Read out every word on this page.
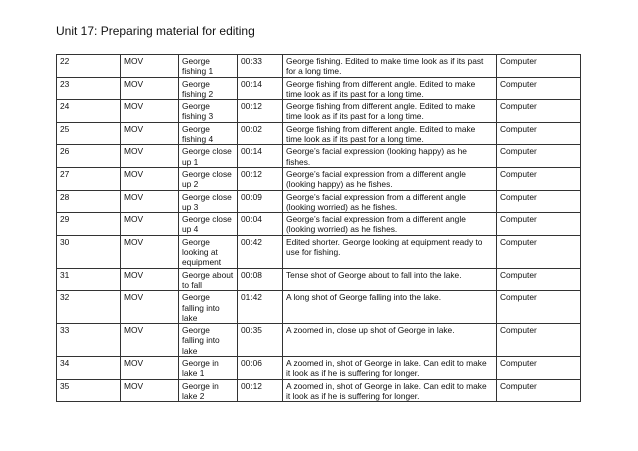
Unit 17: Preparing material for editing
22	MOV	George fishing 1	00:33	George fishing. Edited to make time look as if its past for a long time.	Computer
23	MOV	George fishing 2	00:14	George fishing from different angle. Edited to make time look as if its past for a long time.	Computer
24	MOV	George fishing 3	00:12	George fishing from different angle. Edited to make time look as if its past for a long time.	Computer
25	MOV	George fishing 4	00:02	George fishing from different angle. Edited to make time look as if its past for a long time.	Computer
26	MOV	George close up 1	00:14	George’s facial expression (looking happy) as he fishes.	Computer
27	MOV	George close up 2	00:12	George’s facial expression from a different angle (looking happy) as he fishes.	Computer
28	MOV	George close up 3	00:09	George’s facial expression from a different angle (looking worried) as he fishes.	Computer
29	MOV	George close up 4	00:04	George’s facial expression from a different angle (looking worried) as he fishes.	Computer
30	MOV	George looking at equipment	00:42	Edited shorter. George looking at equipment ready to use for fishing.	Computer
31	MOV	George about to fall	00:08	Tense shot of George about to fall into the lake.	Computer
32	MOV	George falling into lake	01:42	A long shot of George falling into the lake.	Computer
33	MOV	George falling into lake	00:35	A zoomed in, close up shot of George in lake.	Computer
34	MOV	George in lake 1	00:06	A zoomed in, shot of George in lake. Can edit to make it look as if he is suffering for longer.	Computer
35	MOV	George in lake 2	00:12	A zoomed in, shot of George in lake. Can edit to make it look as if he is suffering for longer.	Computer
